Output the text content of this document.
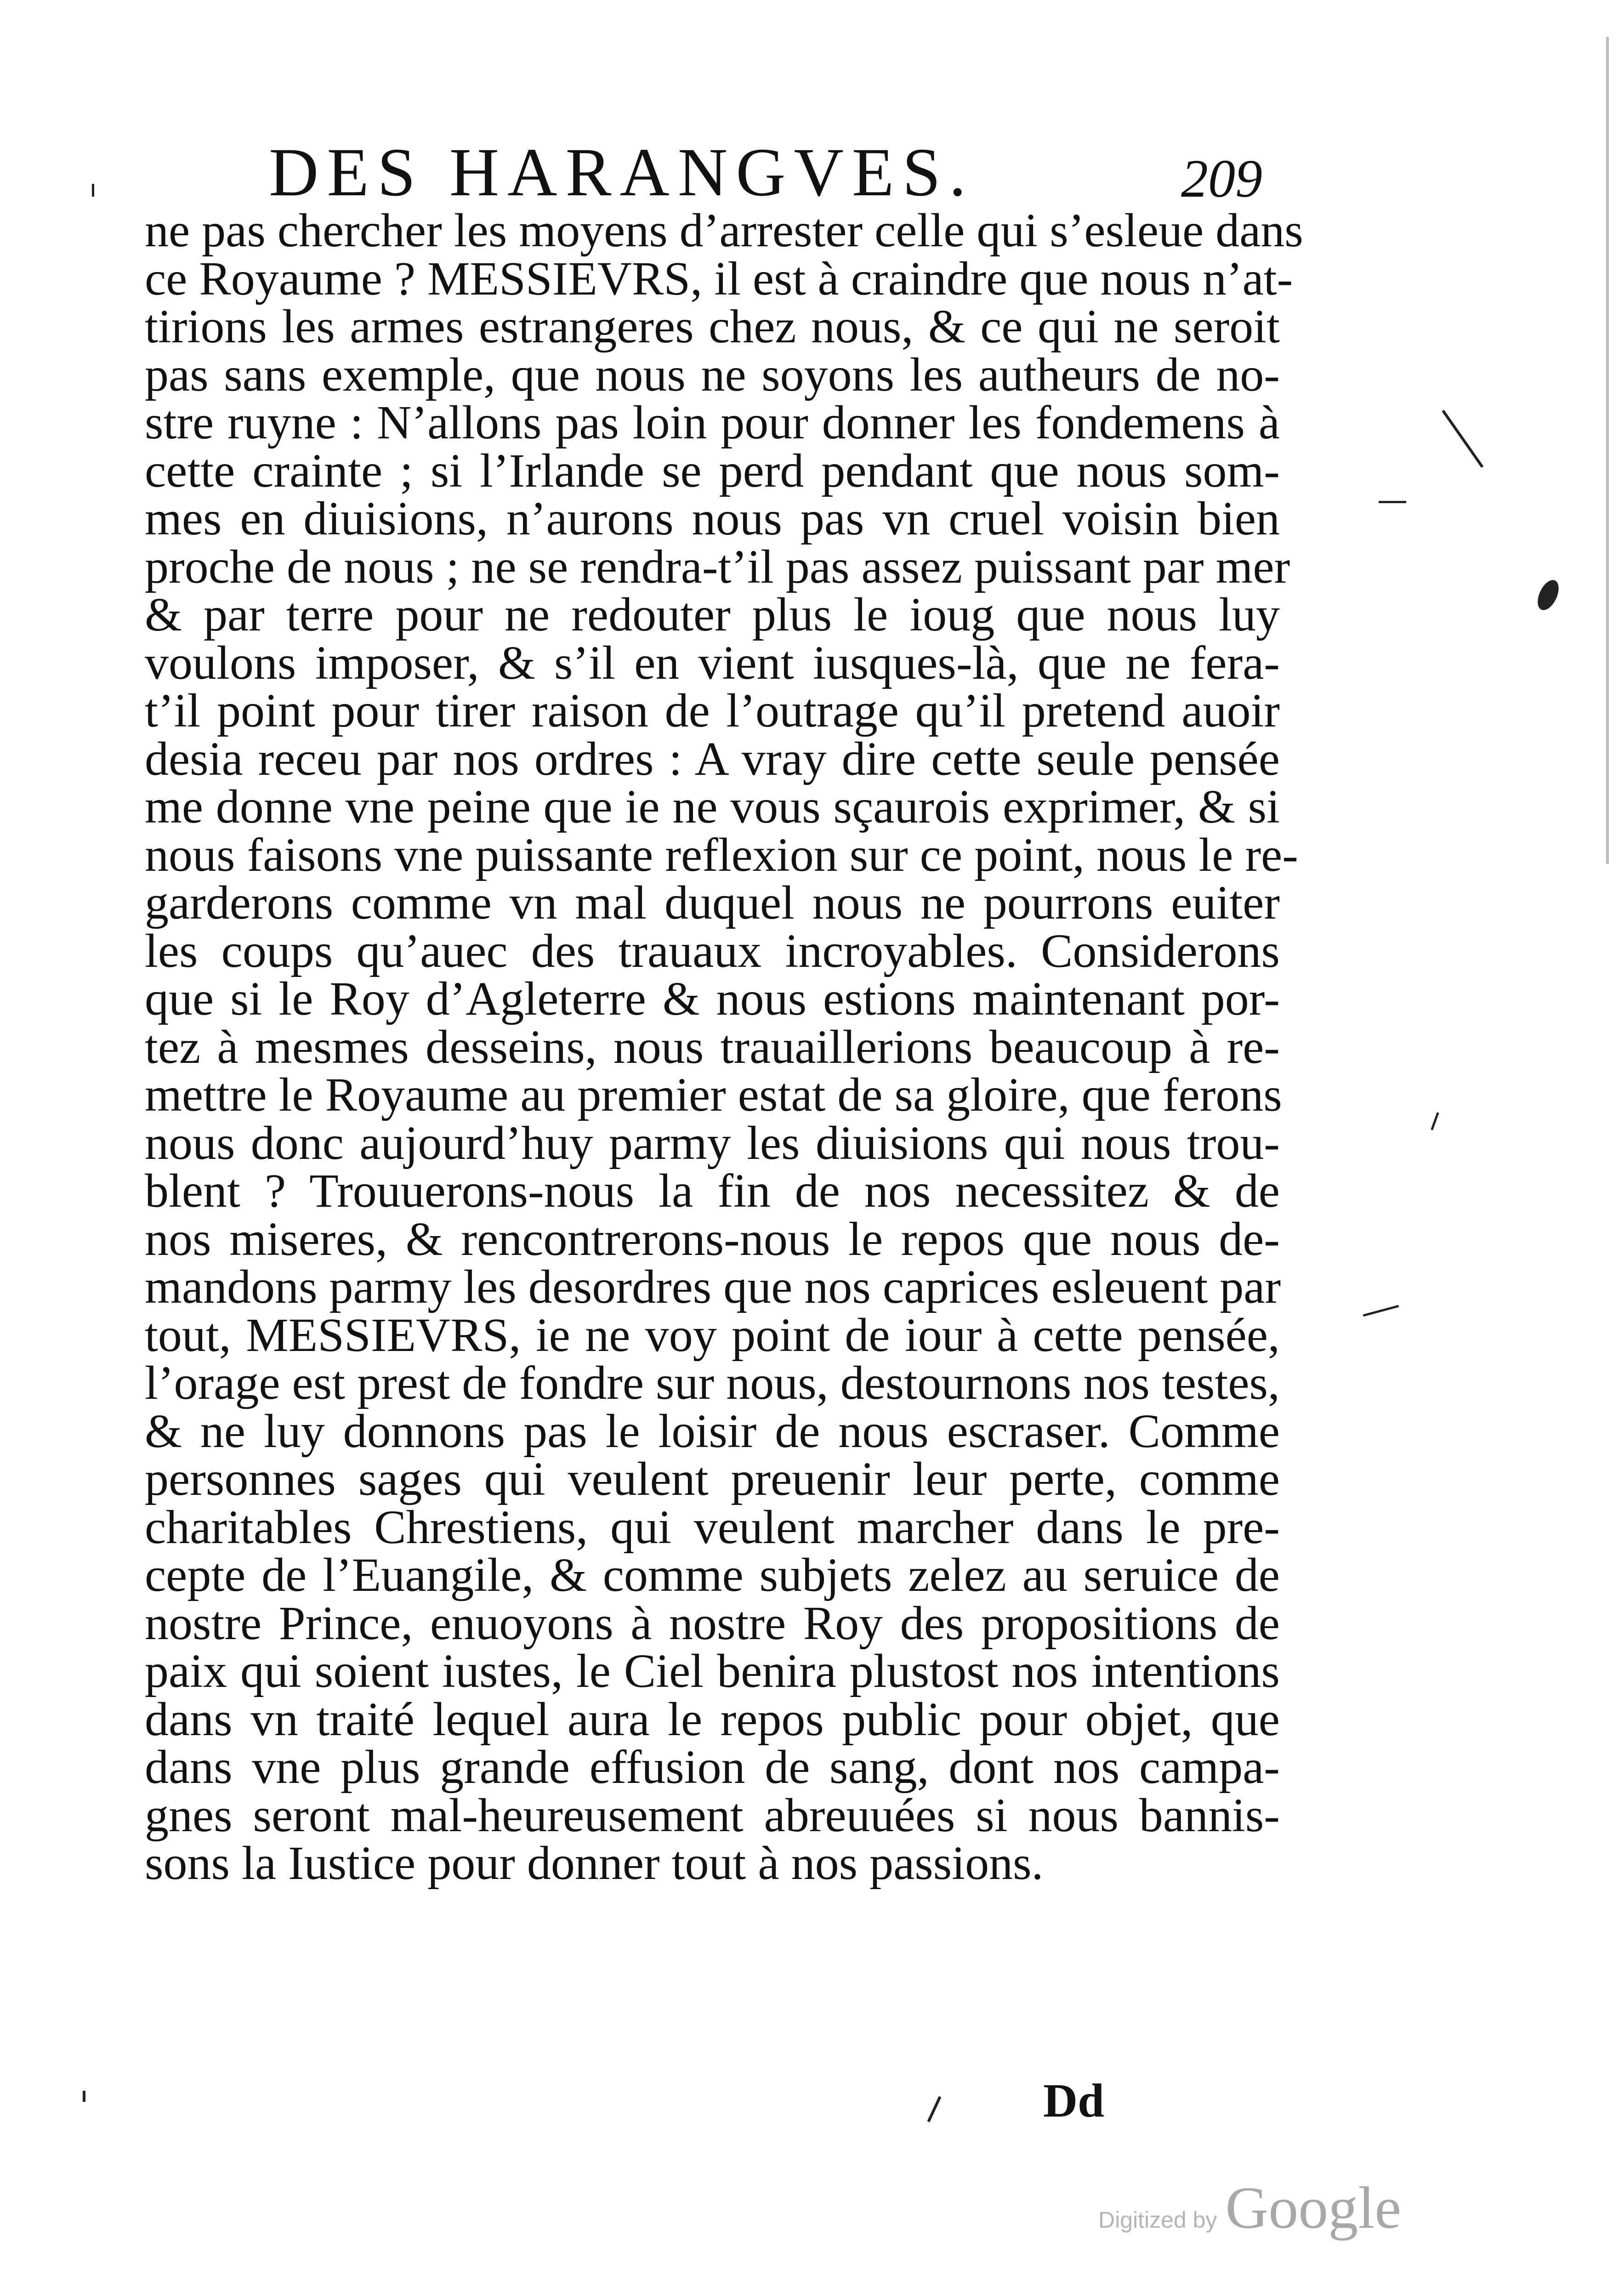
DES HARANGVES.	209
ne pas chercher les moyens d’arrester celle qui s’esleue dans
ce Royaume ? MESSIEVRS, il est à craindre que nous n’at-
tirions les armes estrangeres chez nous, & ce qui ne seroit
pas sans exemple, que nous ne soyons les autheurs de no-
stre ruyne : N’allons pas loin pour donner les fondemens à
cette crainte ; si l’Irlande se perd pendant que nous som-
mes en diuisions, n’aurons nous pas vn cruel voisin bien
proche de nous ; ne se rendra-t’il pas assez puissant par mer
& par terre pour ne redouter plus le ioug que nous luy
voulons imposer, & s’il en vient iusques-là, que ne fera-
t’il point pour tirer raison de l’outrage qu’il pretend auoir
desia receu par nos ordres : A vray dire cette seule pensée
me donne vne peine que ie ne vous sçaurois exprimer, & si
nous faisons vne puissante reflexion sur ce point, nous le re-
garderons comme vn mal duquel nous ne pourrons euiter
les coups qu’auec des trauaux incroyables. Considerons
que si le Roy d’Agleterre & nous estions maintenant por-
tez à mesmes desseins, nous trauaillerions beaucoup à re-
mettre le Royaume au premier estat de sa gloire, que ferons
nous donc aujourd’huy parmy les diuisions qui nous trou-
blent ? Trouuerons-nous la fin de nos necessitez & de
nos miseres, & rencontrerons-nous le repos que nous de-
mandons parmy les desordres que nos caprices esleuent par
tout, MESSIEVRS, ie ne voy point de iour à cette pensée,
l’orage est prest de fondre sur nous, destournons nos testes,
& ne luy donnons pas le loisir de nous escraser. Comme
personnes sages qui veulent preuenir leur perte, comme
charitables Chrestiens, qui veulent marcher dans le pre-
cepte de l’Euangile, & comme subjets zelez au seruice de
nostre Prince, enuoyons à nostre Roy des propositions de
paix qui soient iustes, le Ciel benira plustost nos intentions
dans vn traité lequel aura le repos public pour objet, que
dans vne plus grande effusion de sang, dont nos campa-
gnes seront mal-heureusement abreuuées si nous bannis-
sons la Iustice pour donner tout à nos passions.
Dd
Digitized by Google
